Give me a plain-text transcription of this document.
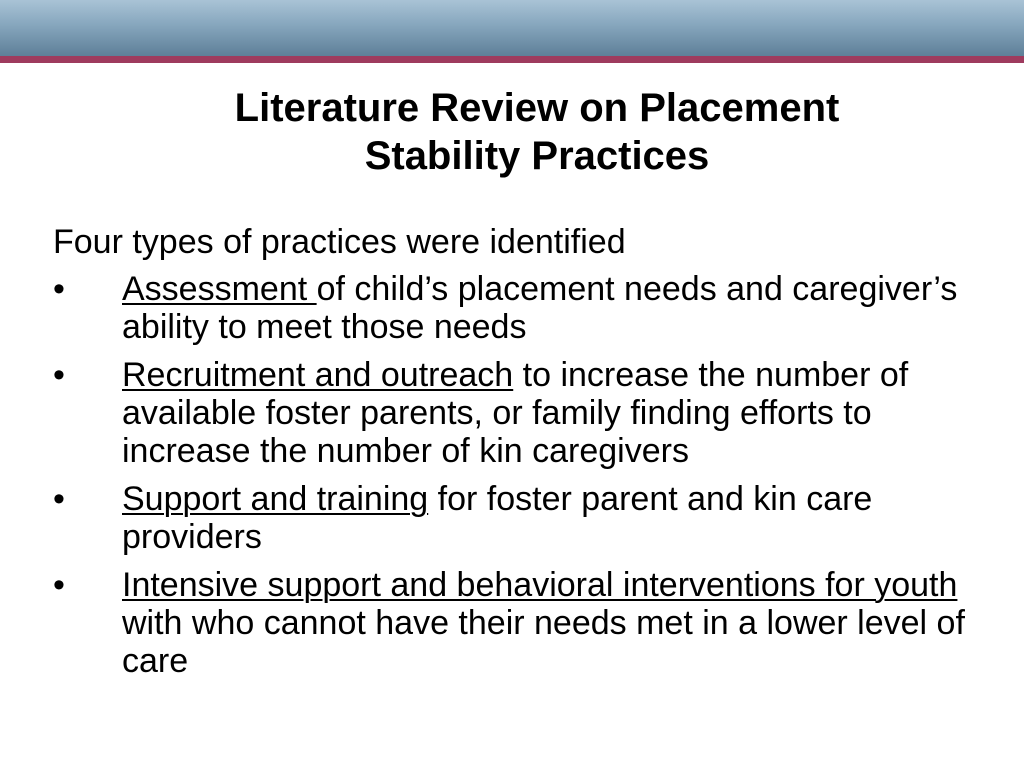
Literature Review on Placement
Stability Practices

Four types of practices were identified

• Assessment of child’s placement needs and caregiver’s ability to meet those needs
• Recruitment and outreach to increase the number of available foster parents, or family finding efforts to increase the number of kin caregivers
• Support and training for foster parent and kin care providers
• Intensive support and behavioral interventions for youth with who cannot have their needs met in a lower level of care
